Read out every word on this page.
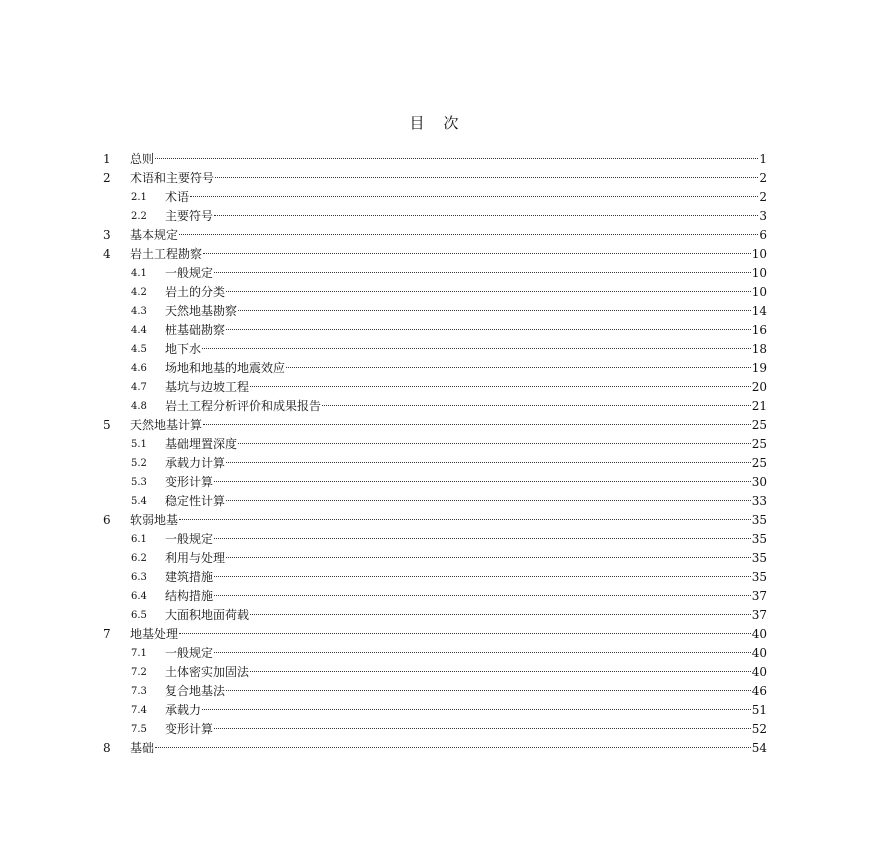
目　次
1 总则	1
2 术语和主要符号	2
2.1 术语	2
2.2 主要符号	3
3 基本规定	6
4 岩土工程勘察	10
4.1 一般规定	10
4.2 岩土的分类	10
4.3 天然地基勘察	14
4.4 桩基础勘察	16
4.5 地下水	18
4.6 场地和地基的地震效应	19
4.7 基坑与边坡工程	20
4.8 岩土工程分析评价和成果报告	21
5 天然地基计算	25
5.1 基础埋置深度	25
5.2 承载力计算	25
5.3 变形计算	30
5.4 稳定性计算	33
6 软弱地基	35
6.1 一般规定	35
6.2 利用与处理	35
6.3 建筑措施	35
6.4 结构措施	37
6.5 大面积地面荷载	37
7 地基处理	40
7.1 一般规定	40
7.2 土体密实加固法	40
7.3 复合地基法	46
7.4 承载力	51
7.5 变形计算	52
8 基础	54
